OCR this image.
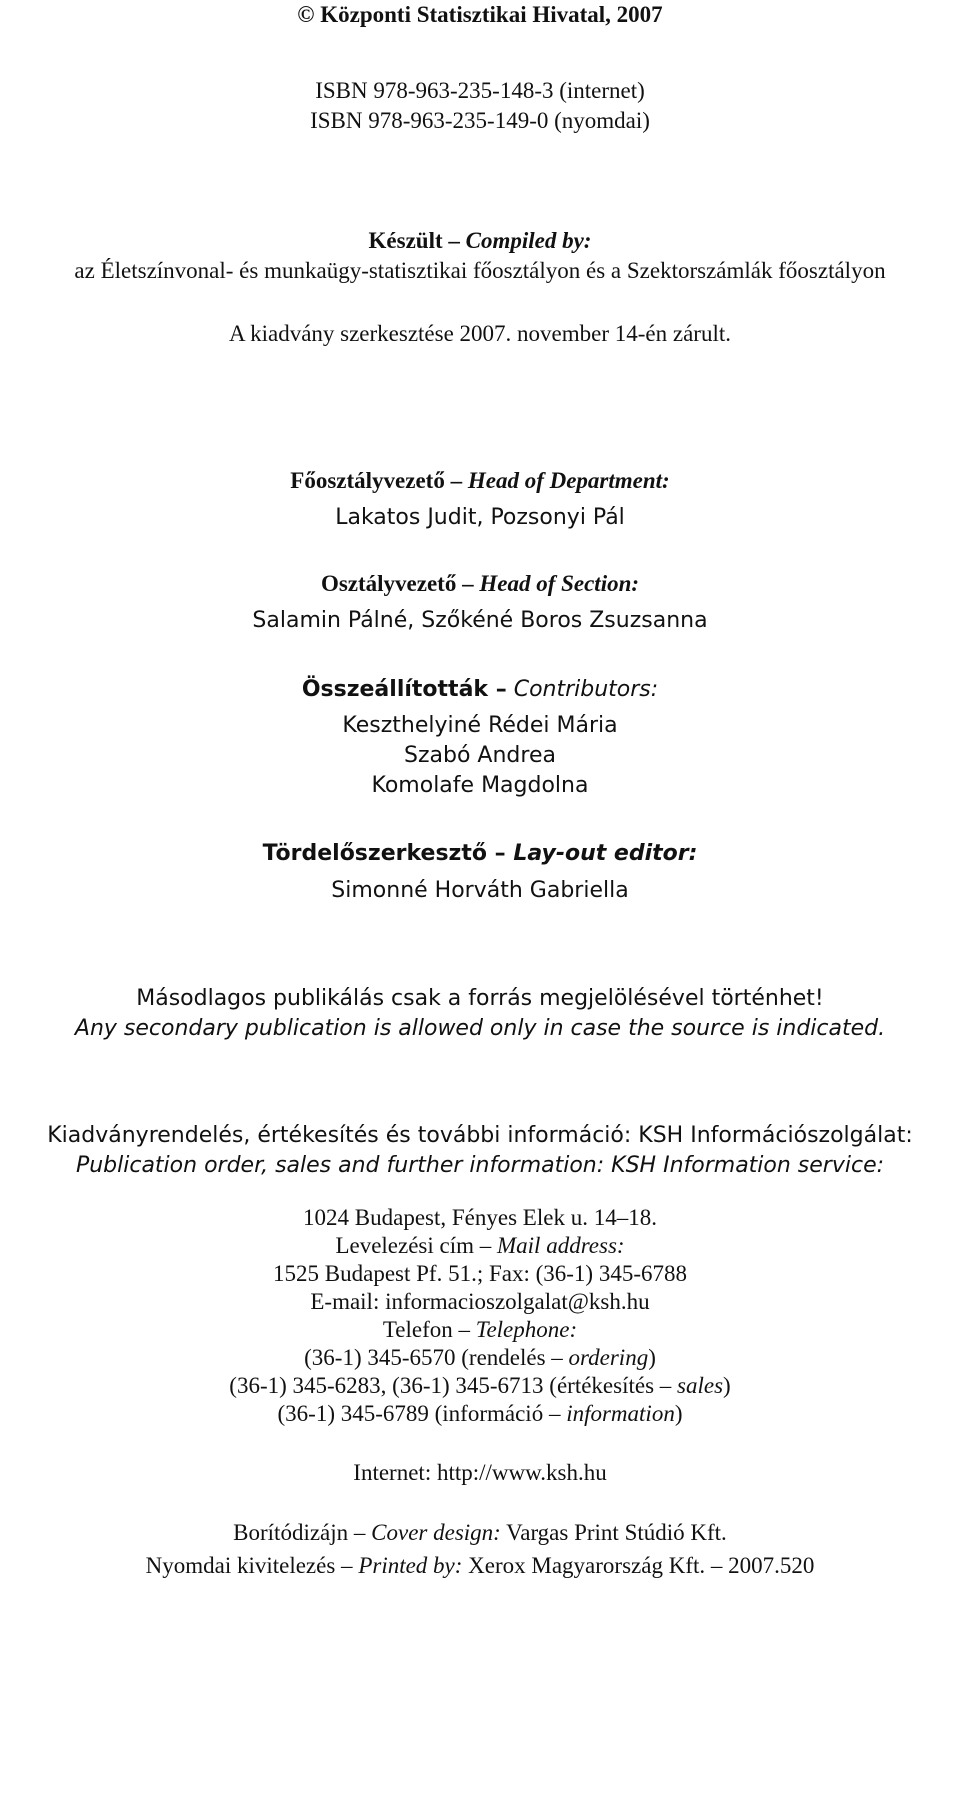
© Központi Statisztikai Hivatal, 2007
ISBN 978-963-235-148-3 (internet)
ISBN 978-963-235-149-0 (nyomdai)
Készült – Compiled by:
az Életszínvonal- és munkaügy-statisztikai főosztályon és a Szektorszámlák főosztályon
A kiadvány szerkesztése 2007. november 14-én zárult.
Főosztályvezető – Head of Department:
Lakatos Judit, Pozsonyi Pál
Osztályvezető – Head of Section:
Salamin Pálné, Szőkéné Boros Zsuzsanna
Összeállították – Contributors:
Keszthelyiné Rédei Mária
Szabó Andrea
Komolafe Magdolna
Tördelőszerkesztő – Lay-out editor:
Simonné Horváth Gabriella
Másodlagos publikálás csak a forrás megjelölésével történhet!
Any secondary publication is allowed only in case the source is indicated.
Kiadványrendelés, értékesítés és további információ: KSH Információszolgálat:
Publication order, sales and further information: KSH Information service:
1024 Budapest, Fényes Elek u. 14–18.
Levelezési cím – Mail address:
1525 Budapest Pf. 51.; Fax: (36-1) 345-6788
E-mail: informacioszolgalat@ksh.hu
Telefon – Telephone:
(36-1) 345-6570 (rendelés – ordering)
(36-1) 345-6283, (36-1) 345-6713 (értékesítés – sales)
(36-1) 345-6789 (információ – information)
Internet: http://www.ksh.hu
Borítódizájn – Cover design: Vargas Print Stúdió Kft.
Nyomdai kivitelezés – Printed by: Xerox Magyarország Kft. – 2007.520
